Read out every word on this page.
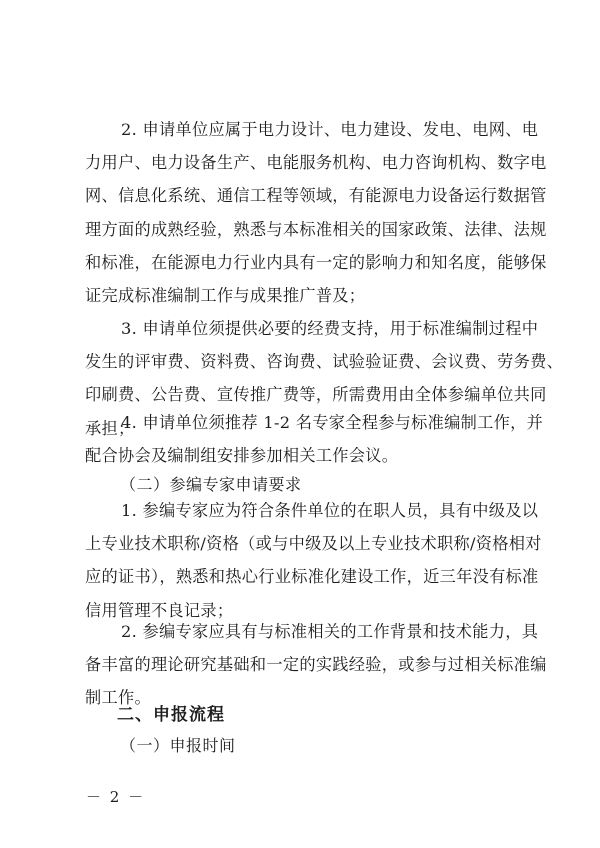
2. 申请单位应属于电力设计、电力建设、发电、电网、电
力用户、电力设备生产、电能服务机构、电力咨询机构、数字电
网、信息化系统、通信工程等领域，有能源电力设备运行数据管
理方面的成熟经验，熟悉与本标准相关的国家政策、法律、法规
和标准，在能源电力行业内具有一定的影响力和知名度，能够保
证完成标准编制工作与成果推广普及；
3. 申请单位须提供必要的经费支持，用于标准编制过程中
发生的评审费、资料费、咨询费、试验验证费、会议费、劳务费、
印刷费、公告费、宣传推广费等，所需费用由全体参编单位共同
承担；
4. 申请单位须推荐 1-2 名专家全程参与标准编制工作，并
配合协会及编制组安排参加相关工作会议。
（二）参编专家申请要求
1. 参编专家应为符合条件单位的在职人员，具有中级及以
上专业技术职称/资格（或与中级及以上专业技术职称/资格相对
应的证书），熟悉和热心行业标准化建设工作，近三年没有标准
信用管理不良记录；
2. 参编专家应具有与标准相关的工作背景和技术能力，具
备丰富的理论研究基础和一定的实践经验，或参与过相关标准编
制工作。
二、申报流程
（一）申报时间
－ 2 －
